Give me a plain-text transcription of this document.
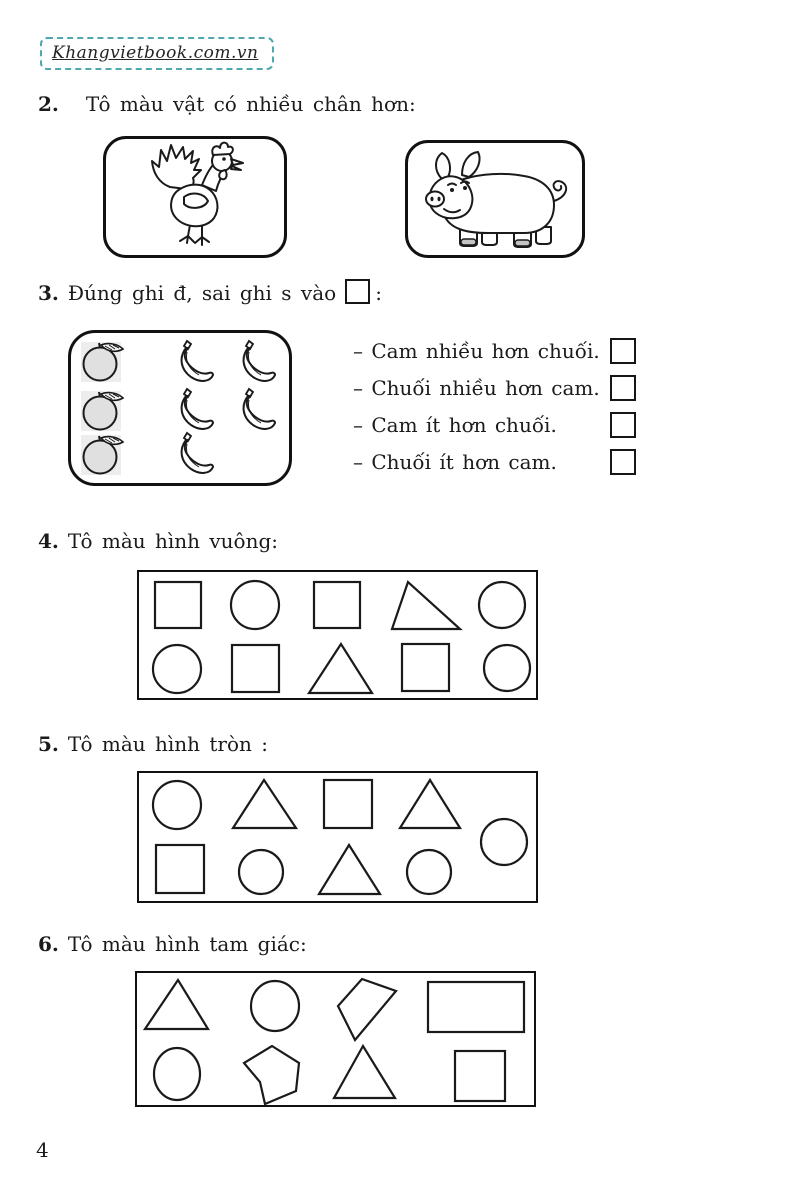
Khangvietbook.com.vn
2. Tô màu vật có nhiều chân hơn:
3. Đúng ghi đ, sai ghi s vào :
– Cam nhiều hơn chuối.
– Chuối nhiều hơn cam.
– Cam ít hơn chuối.
– Chuối ít hơn cam.
4. Tô màu hình vuông:
5. Tô màu hình tròn :
6. Tô màu hình tam giác:
4
